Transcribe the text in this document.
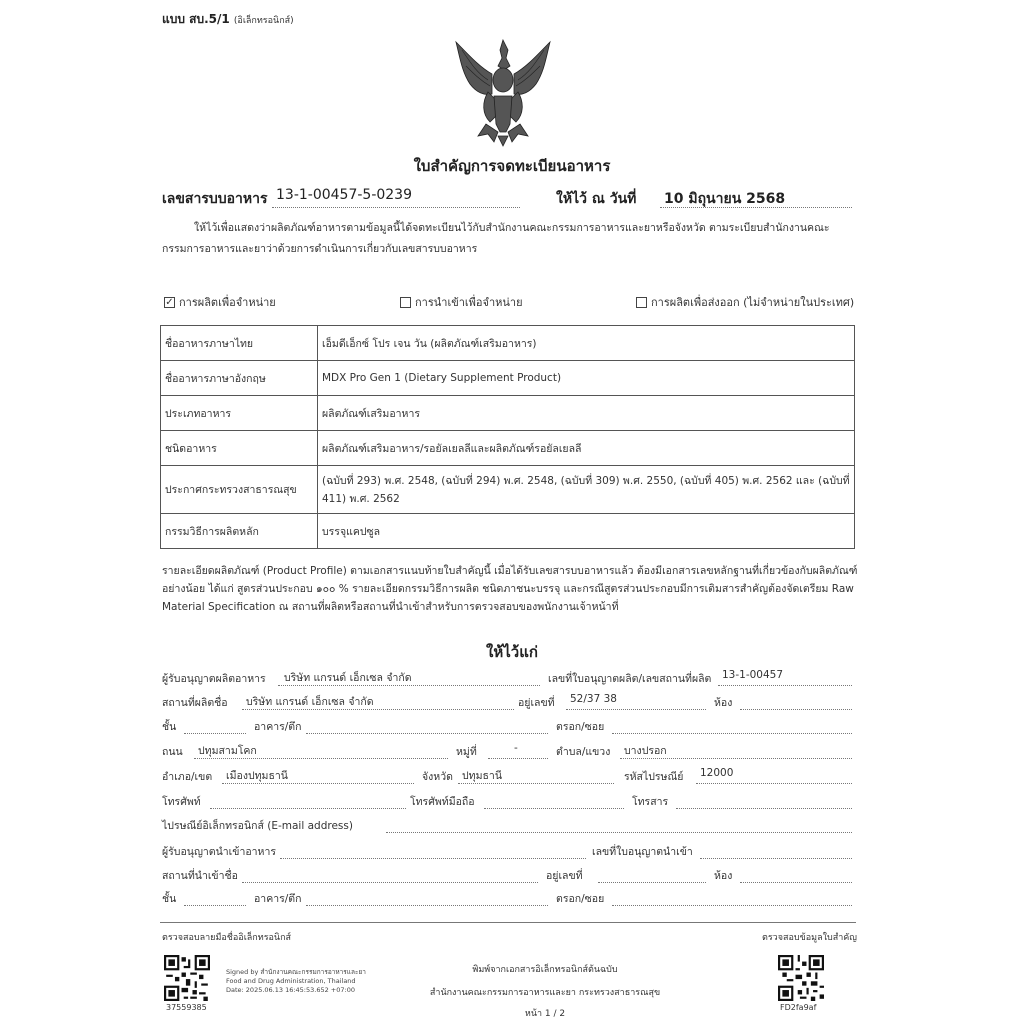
แบบ สบ.5/1 (อิเล็กทรอนิกส์)
ใบสำคัญการจดทะเบียนอาหาร
เลขสารบบอาหาร 13-1-00457-5-0239	ให้ไว้ ณ วันที่ 10 มิถุนายน 2568
ให้ไว้เพื่อแสดงว่าผลิตภัณฑ์อาหารตามข้อมูลนี้ได้จดทะเบียนไว้กับสำนักงานคณะกรรมการอาหารและยาหรือจังหวัด ตามระเบียบสำนักงานคณะกรรมการอาหารและยาว่าด้วยการดำเนินการเกี่ยวกับเลขสารบบอาหาร
✓ การผลิตเพื่อจำหน่าย	การนำเข้าเพื่อจำหน่าย	การผลิตเพื่อส่งออก (ไม่จำหน่ายในประเทศ)
ชื่ออาหารภาษาไทย	เอ็มดีเอ็กซ์ โปร เจน วัน (ผลิตภัณฑ์เสริมอาหาร)
ชื่ออาหารภาษาอังกฤษ	MDX Pro Gen 1 (Dietary Supplement Product)
ประเภทอาหาร	ผลิตภัณฑ์เสริมอาหาร
ชนิดอาหาร	ผลิตภัณฑ์เสริมอาหาร/รอยัลเยลลีและผลิตภัณฑ์รอยัลเยลลี
ประกาศกระทรวงสาธารณสุข	(ฉบับที่ 293) พ.ศ. 2548, (ฉบับที่ 294) พ.ศ. 2548, (ฉบับที่ 309) พ.ศ. 2550, (ฉบับที่ 405) พ.ศ. 2562 และ (ฉบับที่ 411) พ.ศ. 2562
กรรมวิธีการผลิตหลัก	บรรจุแคปซูล
รายละเอียดผลิตภัณฑ์ (Product Profile) ตามเอกสารแนบท้ายใบสำคัญนี้ เมื่อได้รับเลขสารบบอาหารแล้ว ต้องมีเอกสารเลขหลักฐานที่เกี่ยวข้องกับผลิตภัณฑ์ อย่างน้อย ได้แก่ สูตรส่วนประกอบ ๑๐๐ % รายละเอียดกรรมวิธีการผลิต ชนิดภาชนะบรรจุ และกรณีสูตรส่วนประกอบมีการเติมสารสำคัญต้องจัดเตรียม Raw Material Specification ณ สถานที่ผลิตหรือสถานที่นำเข้าสำหรับการตรวจสอบของพนักงานเจ้าหน้าที่
ให้ไว้แก่
ผู้รับอนุญาตผลิตอาหาร บริษัท แกรนด์ เอ็กเซล จำกัด	เลขที่ใบอนุญาตผลิต/เลขสถานที่ผลิต 13-1-00457
สถานที่ผลิตชื่อ บริษัท แกรนด์ เอ็กเซล จำกัด	อยู่เลขที่ 52/37 38	ห้อง
ชั้น	อาคาร/ตึก	ตรอก/ซอย
ถนน ปทุมสามโคก	หมู่ที่	-	ตำบล/แขวง บางปรอก
อำเภอ/เขต เมืองปทุมธานี	จังหวัด ปทุมธานี	รหัสไปรษณีย์ 12000
โทรศัพท์	โทรศัพท์มือถือ	โทรสาร
ไปรษณีย์อิเล็กทรอนิกส์ (E-mail address)
ผู้รับอนุญาตนำเข้าอาหาร	เลขที่ใบอนุญาตนำเข้า
สถานที่นำเข้าชื่อ	อยู่เลขที่	ห้อง
ชั้น	อาคาร/ตึก	ตรอก/ซอย
ตรวจสอบลายมือชื่ออิเล็กทรอนิกส์	ตรวจสอบข้อมูลใบสำคัญ
37559385
Signed by สำนักงานคณะกรรมการอาหารและยา Food and Drug Administration, Thailand Date: 2025.06.13 16:45:53.652 +07:00
พิมพ์จากเอกสารอิเล็กทรอนิกส์ต้นฉบับ
สำนักงานคณะกรรมการอาหารและยา กระทรวงสาธารณสุข
หน้า 1 / 2
FD2fa9af
